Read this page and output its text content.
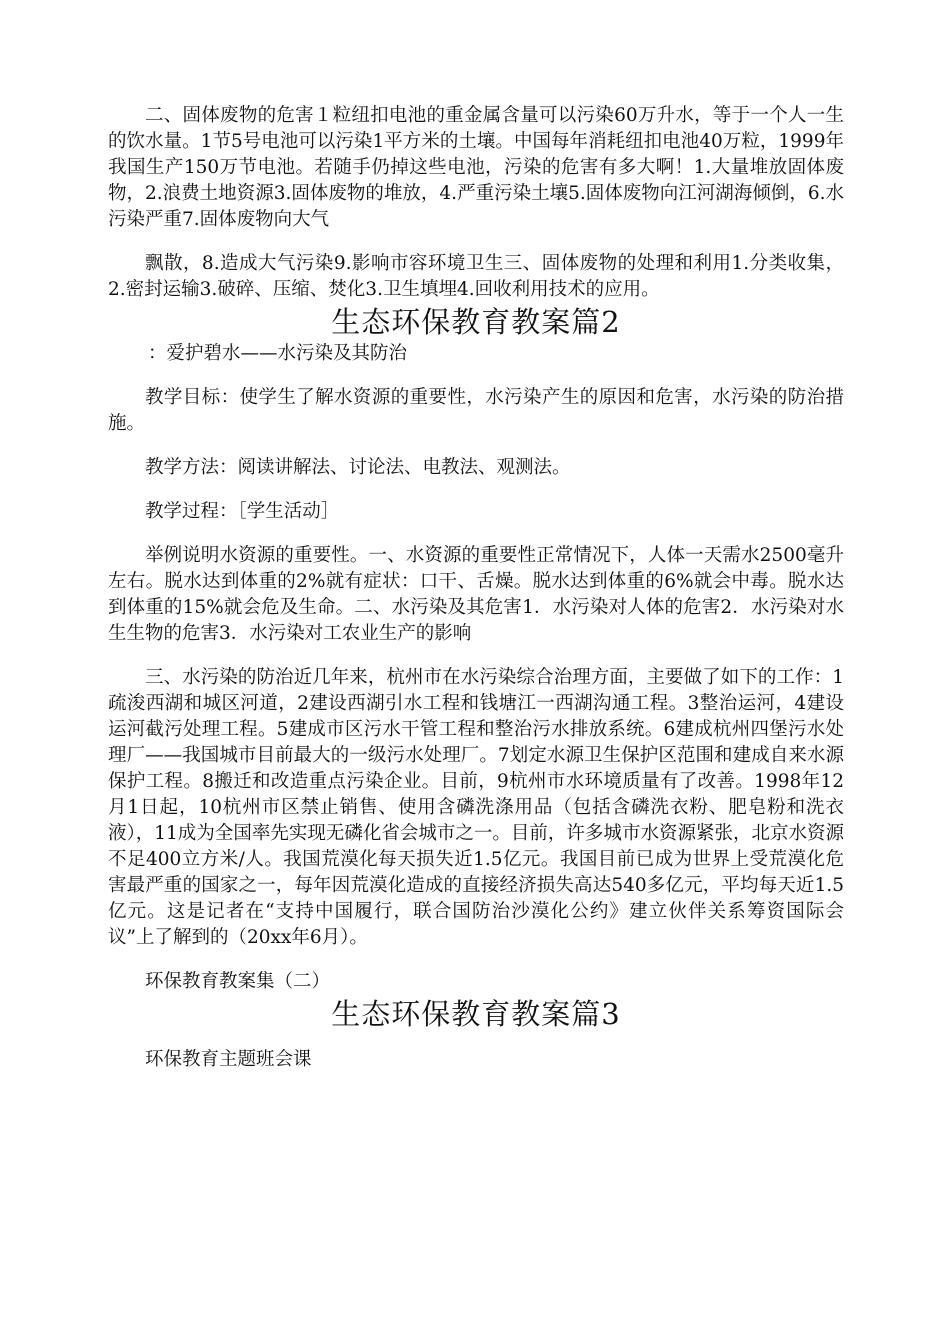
二、固体废物的危害１粒纽扣电池的重金属含量可以污染60万升水，等于一个人一生的饮水量。1节5号电池可以污染1平方米的土壤。中国每年消耗纽扣电池40万粒，1999年我国生产150万节电池。若随手仍掉这些电池，污染的危害有多大啊！1.大量堆放固体废物，2.浪费土地资源3.固体废物的堆放，4.严重污染土壤5.固体废物向江河湖海倾倒，6.水污染严重7.固体废物向大气

飘散，8.造成大气污染9.影响市容环境卫生三、固体废物的处理和利用1.分类收集，2.密封运输3.破碎、压缩、焚化3.卫生填埋4.回收利用技术的应用。

生态环保教育教案篇2

：爱护碧水——水污染及其防治

教学目标：使学生了解水资源的重要性，水污染产生的原因和危害，水污染的防治措施。

教学方法：阅读讲解法、讨论法、电教法、观测法。

教学过程：［学生活动］

举例说明水资源的重要性。一、水资源的重要性正常情况下，人体一天需水2500毫升左右。脱水达到体重的2%就有症状：口干、舌燥。脱水达到体重的6%就会中毒。脱水达到体重的15%就会危及生命。二、水污染及其危害1．水污染对人体的危害2．水污染对水生生物的危害3．水污染对工农业生产的影响

三、水污染的防治近几年来，杭州市在水污染综合治理方面，主要做了如下的工作：1疏浚西湖和城区河道，2建设西湖引水工程和钱塘江一西湖沟通工程。3整治运河，4建设运河截污处理工程。5建成市区污水干管工程和整治污水排放系统。6建成杭州四堡污水处理厂——我国城市目前最大的一级污水处理厂。7划定水源卫生保护区范围和建成自来水源保护工程。8搬迁和改造重点污染企业。目前，9杭州市水环境质量有了改善。1998年12月1日起，10杭州市区禁止销售、使用含磷洗涤用品（包括含磷洗衣粉、肥皂粉和洗衣液），11成为全国率先实现无磷化省会城市之一。目前，许多城市水资源紧张，北京水资源不足400立方米/人。我国荒漠化每天损失近1.5亿元。我国目前已成为世界上受荒漠化危害最严重的国家之一，每年因荒漠化造成的直接经济损失高达540多亿元，平均每天近1.5亿元。这是记者在“支持中国履行，联合国防治沙漠化公约》建立伙伴关系筹资国际会议”上了解到的（20xx年6月）。

环保教育教案集（二）

生态环保教育教案篇3

环保教育主题班会课
